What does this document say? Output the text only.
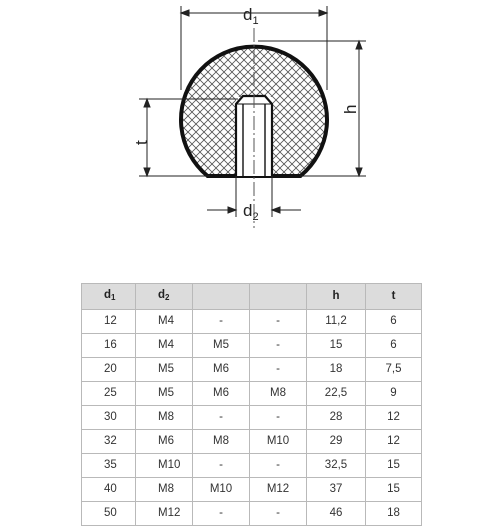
$d_1$
h
t
$d_2$
$d_1$	$d_2$			h	t
12	M4	-	-	11,2	6
16	M4	M5	-	15	6
20	M5	M6	-	18	7,5
25	M5	M6	M8	22,5	9
30	M8	-	-	28	12
32	M6	M8	M10	29	12
35	M10	-	-	32,5	15
40	M8	M10	M12	37	15
50	M12	-	-	46	18
